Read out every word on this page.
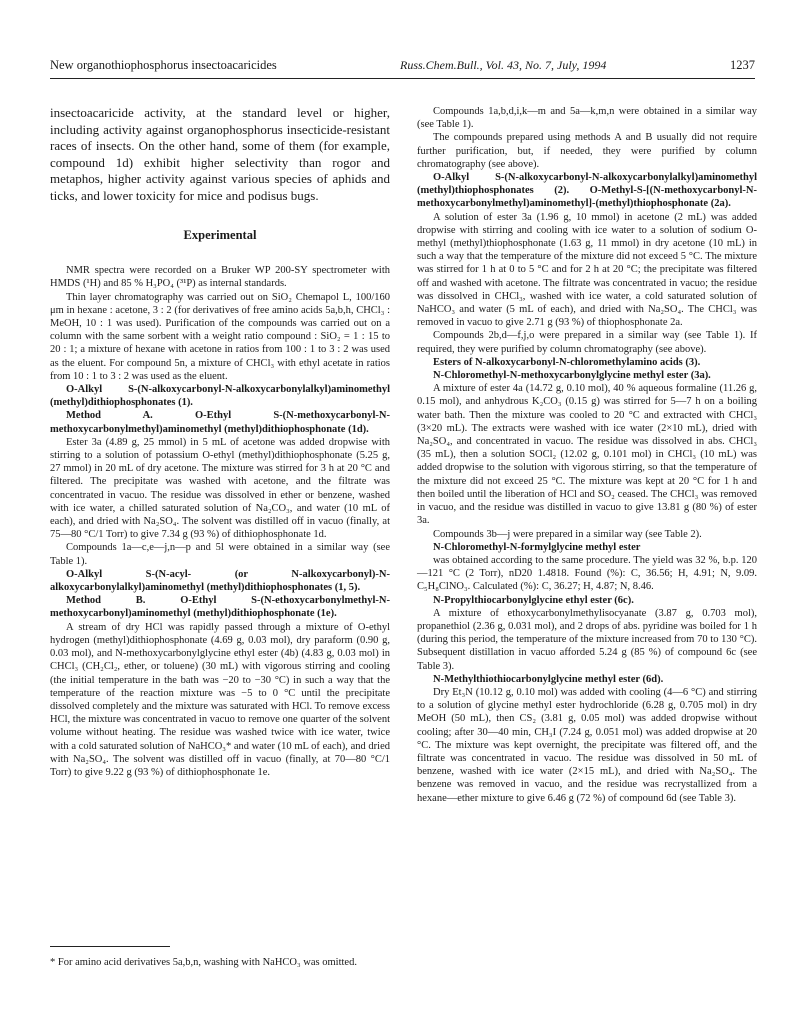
New organothiophosphorus insectoacaricides	Russ.Chem.Bull., Vol. 43, No. 7, July, 1994	1237

insectoacaricide activity, at the standard level or higher, including activity against organophosphorus insecticide-resistant races of insects. On the other hand, some of them (for example, compound 1d) exhibit higher selectivity than rogor and metaphos, higher activity against various species of aphids and ticks, and lower toxicity for mice and podisus bugs.

Experimental

NMR spectra were recorded on a Bruker WP 200-SY spectrometer with HMDS (¹H) and 85 % H₃PO₄ (³¹P) as internal standards.

Thin layer chromatography was carried out on SiO₂ Chemapol L, 100/160 μm in hexane : acetone, 3 : 2 (for derivatives of free amino acids 5a,b,h, CHCl₃ : MeOH, 10 : 1 was used). Purification of the compounds was carried out on a column with the same sorbent with a weight ratio compound : SiO₂ = 1 : 15 to 20 : 1; a mixture of hexane with acetone in ratios from 100 : 1 to 3 : 2 was used as the eluent. For compound 5n, a mixture of CHCl₃ with ethyl acetate in ratios from 10 : 1 to 3 : 2 was used as the eluent.

O-Alkyl S-(N-alkoxycarbonyl-N-alkoxycarbonylalkyl)aminomethyl (methyl)dithiophosphonates (1).

Method A. O-Ethyl S-(N-methoxycarbonyl-N-methoxycarbonylmethyl)aminomethyl (methyl)dithiophosphonate (1d).

Ester 3a (4.89 g, 25 mmol) in 5 mL of acetone was added dropwise with stirring to a solution of potassium O-ethyl (methyl)dithiophosphonate (5.25 g, 27 mmol) in 20 mL of dry acetone. The mixture was stirred for 3 h at 20 °C and filtered. The precipitate was washed with acetone, and the filtrate was concentrated in vacuo. The residue was dissolved in ether or benzene, washed with ice water, a chilled saturated solution of Na₂CO₃, and water (10 mL of each), and dried with Na₂SO₄. The solvent was distilled off in vacuo (finally, at 75—80 °C/1 Torr) to give 7.34 g (93 %) of dithiophosphonate 1d.

Compounds 1a—c,e—j,n—p and 5l were obtained in a similar way (see Table 1).

O-Alkyl S-(N-acyl- (or N-alkoxycarbonyl)-N-alkoxycarbonylalkyl)aminomethyl (methyl)dithiophosphonates (1, 5).

Method B. O-Ethyl S-(N-ethoxycarbonylmethyl-N-methoxycarbonyl)aminomethyl (methyl)dithiophosphonate (1e).

A stream of dry HCl was rapidly passed through a mixture of O-ethyl hydrogen (methyl)dithiophosphonate (4.69 g, 0.03 mol), dry paraform (0.90 g, 0.03 mol), and N-methoxycarbonylglycine ethyl ester (4b) (4.83 g, 0.03 mol) in CHCl₃ (CH₂Cl₂, ether, or toluene) (30 mL) with vigorous stirring and cooling (the initial temperature in the bath was −20 to −30 °C) in such a way that the temperature of the reaction mixture was −5 to 0 °C until the precipitate dissolved completely and the mixture was saturated with HCl. To remove excess HCl, the mixture was concentrated in vacuo to remove one quarter of the solvent volume without heating. The residue was washed twice with ice water, twice with a cold saturated solution of NaHCO₃* and water (10 mL of each), and dried with Na₂SO₄. The solvent was distilled off in vacuo (finally, at 70—80 °C/1 Torr) to give 9.22 g (93 %) of dithiophosphonate 1e.

* For amino acid derivatives 5a,b,n, washing with NaHCO₃ was omitted.

Compounds 1a,b,d,i,k—m and 5a—k,m,n were obtained in a similar way (see Table 1).

The compounds prepared using methods A and B usually did not require further purification, but, if needed, they were purified by column chromatography (see above).

O-Alkyl S-(N-alkoxycarbonyl-N-alkoxycarbonylalkyl)aminomethyl (methyl)thiophosphonates (2). O-Methyl-S-[(N-methoxycarbonyl-N-methoxycarbonylmethyl)aminomethyl]-(methyl)thiophosphonate (2a).

A solution of ester 3a (1.96 g, 10 mmol) in acetone (2 mL) was added dropwise with stirring and cooling with ice water to a solution of sodium O-methyl (methyl)thiophosphonate (1.63 g, 11 mmol) in dry acetone (10 mL) in such a way that the temperature of the mixture did not exceed 5 °C. The mixture was stirred for 1 h at 0 to 5 °C and for 2 h at 20 °C; the precipitate was filtered off and washed with acetone. The filtrate was concentrated in vacuo; the residue was dissolved in CHCl₃, washed with ice water, a cold saturated solution of NaHCO₃ and water (5 mL of each), and dried with Na₂SO₄. The CHCl₃ was removed in vacuo to give 2.71 g (93 %) of thiophosphonate 2a.

Compounds 2b,d—f,j,o were prepared in a similar way (see Table 1). If required, they were purified by column chromatography (see above).

Esters of N-alkoxycarbonyl-N-chloromethylamino acids (3).

N-Chloromethyl-N-methoxycarbonylglycine methyl ester (3a).

A mixture of ester 4a (14.72 g, 0.10 mol), 40 % aqueous formaline (11.26 g, 0.15 mol), and anhydrous K₂CO₃ (0.15 g) was stirred for 5—7 h on a boiling water bath. Then the mixture was cooled to 20 °C and extracted with CHCl₃ (3×20 mL). The extracts were washed with ice water (2×10 mL), dried with Na₂SO₄, and concentrated in vacuo. The residue was dissolved in abs. CHCl₃ (35 mL), then a solution SOCl₂ (12.02 g, 0.101 mol) in CHCl₃ (10 mL) was added dropwise to the solution with vigorous stirring, so that the temperature of the mixture did not exceed 25 °C. The mixture was kept at 20 °C for 1 h and then boiled until the liberation of HCl and SO₂ ceased. The CHCl₃ was removed in vacuo, and the residue was distilled in vacuo to give 13.81 g (80 %) of ester 3a.

Compounds 3b—j were prepared in a similar way (see Table 2).

N-Chloromethyl-N-formylglycine methyl ester

was obtained according to the same procedure. The yield was 32 %, b.p. 120—121 °C (2 Torr), nD20 1.4818. Found (%): C, 36.56; H, 4.91; N, 9.09. C₅H₈ClNO₃. Calculated (%): C, 36.27; H, 4.87; N, 8.46.

N-Propylthiocarbonylglycine ethyl ester (6c).

A mixture of ethoxycarbonylmethylisocyanate (3.87 g, 0.703 mol), propanethiol (2.36 g, 0.031 mol), and 2 drops of abs. pyridine was boiled for 1 h (during this period, the temperature of the mixture increased from 70 to 130 °C). Subsequent distillation in vacuo afforded 5.24 g (85 %) of compound 6c (see Table 3).

N-Methylthiothiocarbonylglycine methyl ester (6d).

Dry Et₃N (10.12 g, 0.10 mol) was added with cooling (4—6 °C) and stirring to a solution of glycine methyl ester hydrochloride (6.28 g, 0.705 mol) in dry MeOH (50 mL), then CS₂ (3.81 g, 0.05 mol) was added dropwise without cooling; after 30—40 min, CH₃I (7.24 g, 0.051 mol) was added dropwise at 20 °C. The mixture was kept overnight, the precipitate was filtered off, and the filtrate was concentrated in vacuo. The residue was dissolved in 50 mL of benzene, washed with ice water (2×15 mL), and dried with Na₂SO₄. The benzene was removed in vacuo, and the residue was recrystallized from a hexane—ether mixture to give 6.46 g (72 %) of compound 6d (see Table 3).
